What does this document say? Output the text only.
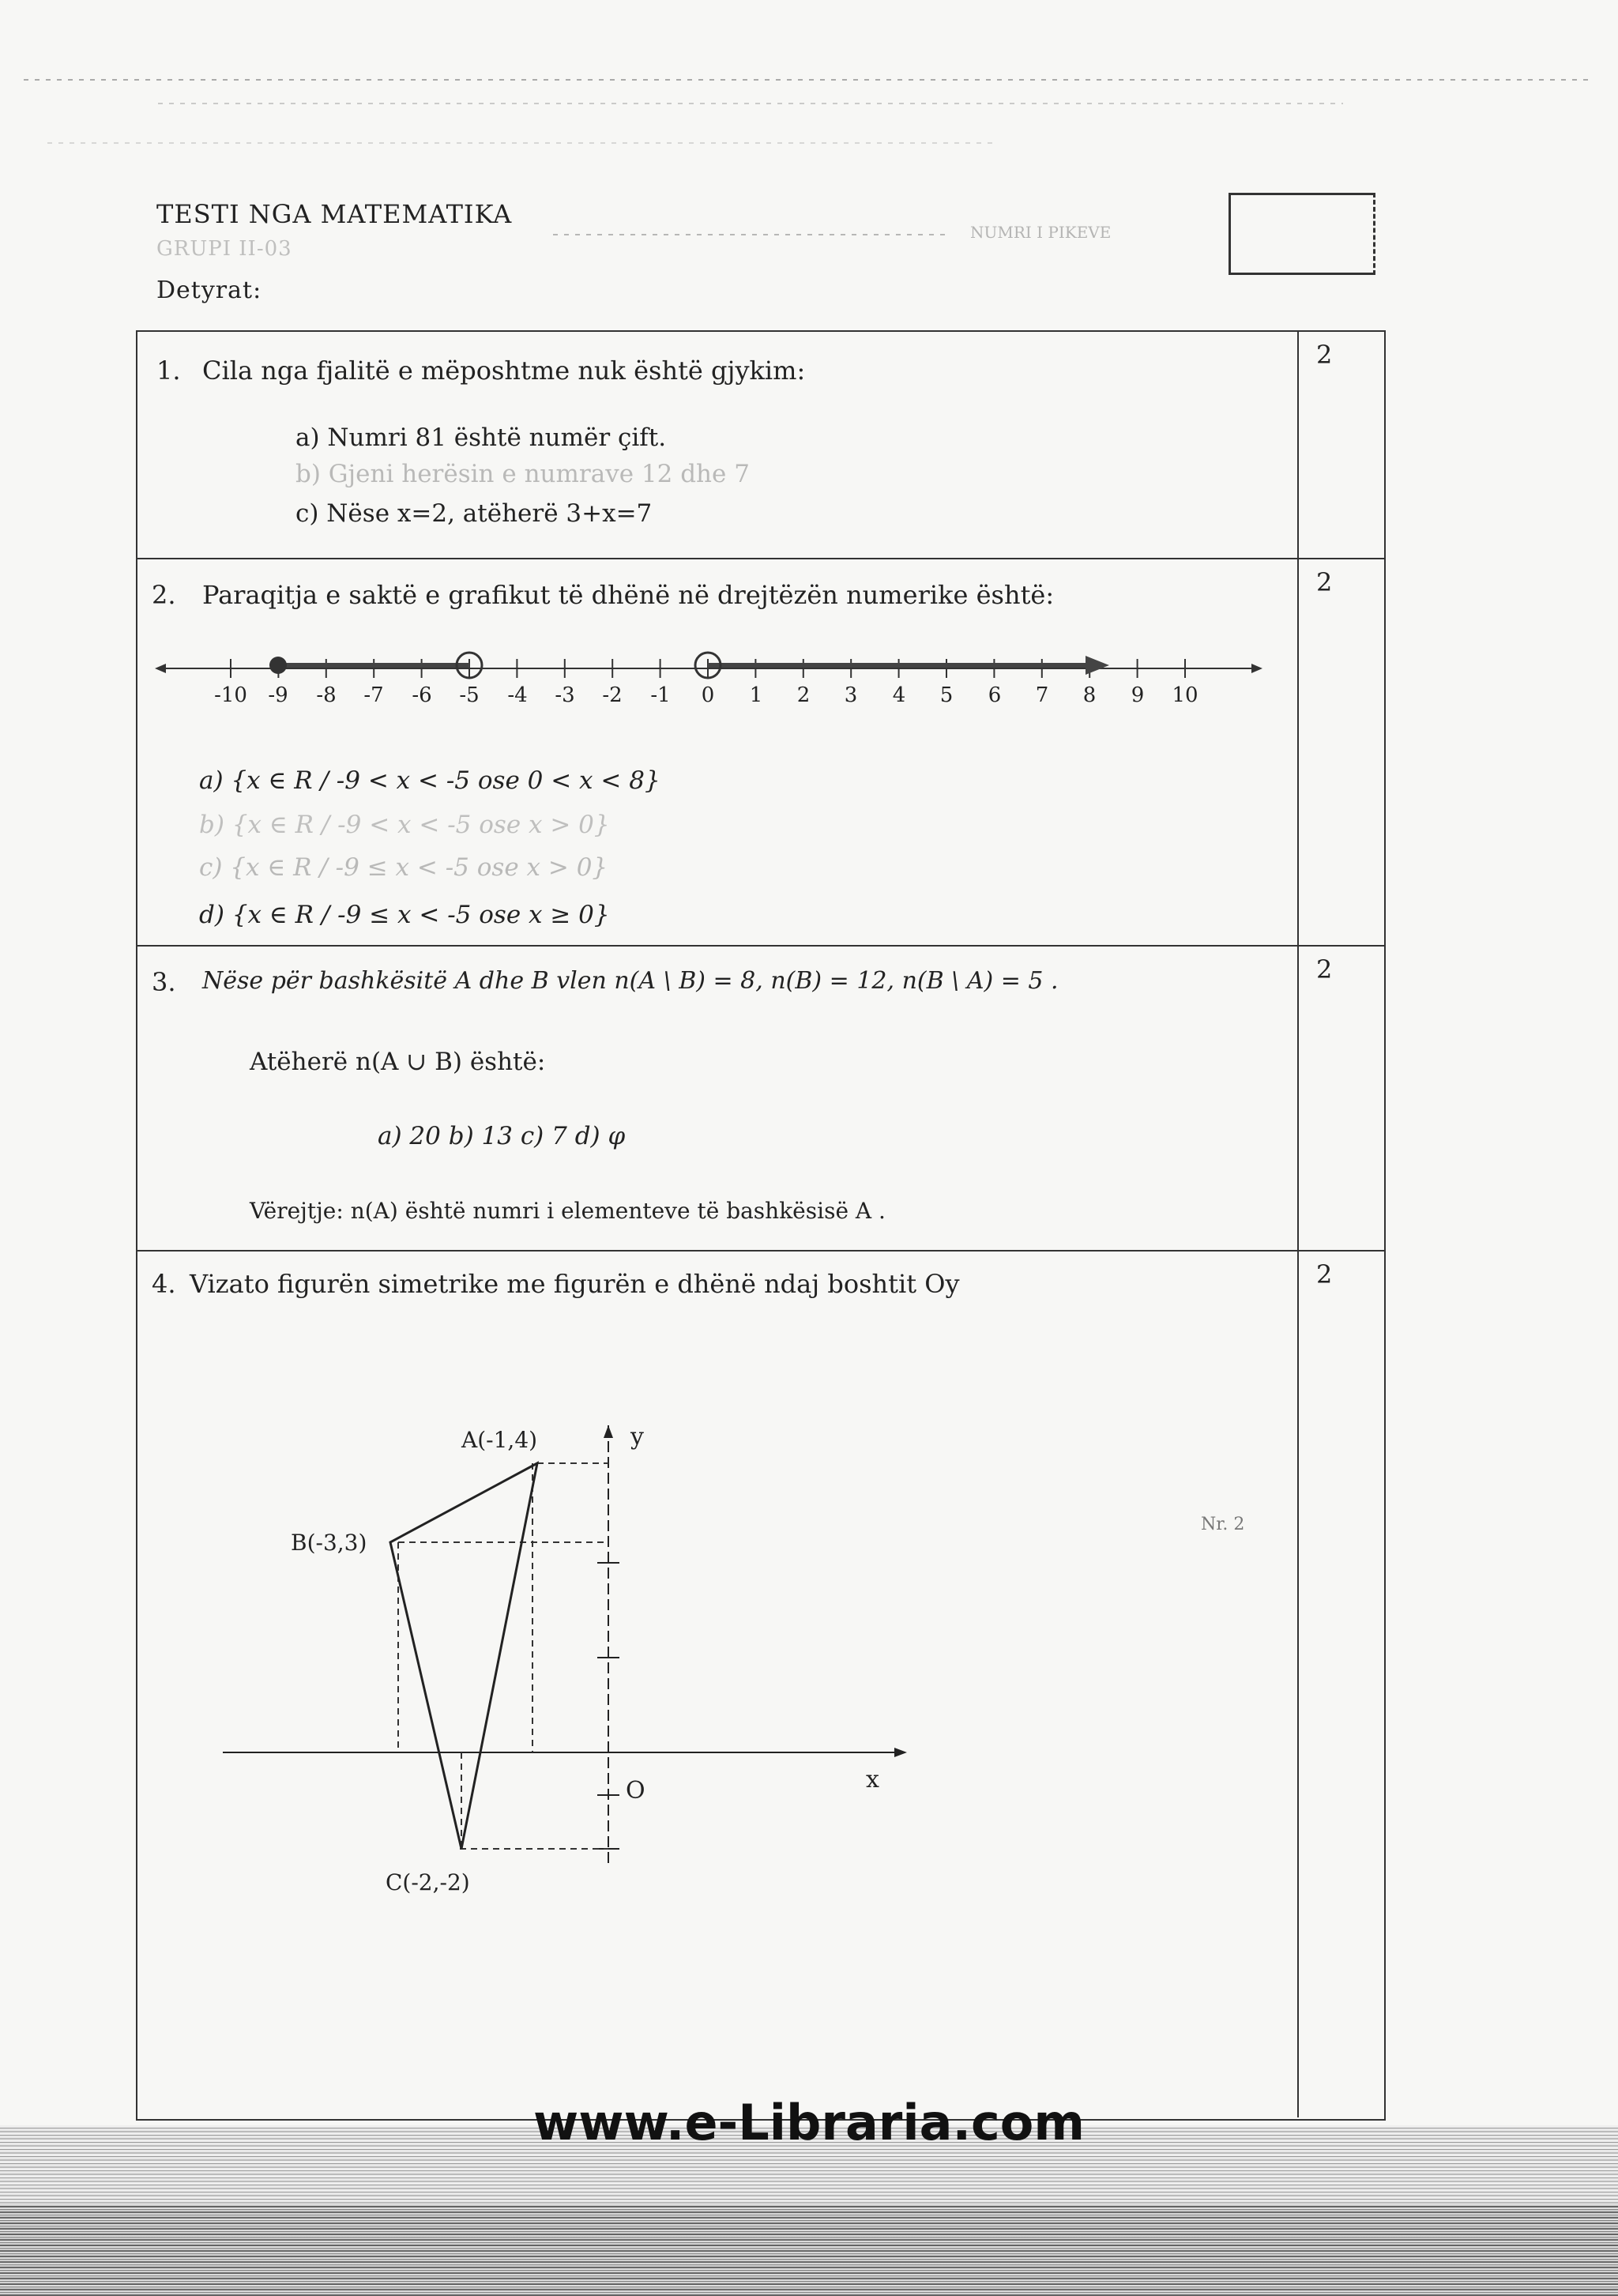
TESTI NGA MATEMATIKA
GRUPI II-03
Detyrat:
NUMRI I PIKEVE
1. Cila nga fjalitë e mëposhtme nuk është gjykim:
a) Numri 81 është numër çift.
b) Gjeni herësin e numrave 12 dhe 7
c) Nëse x=2, atëherë 3+x=7
2
2. Paraqitja e saktë e grafikut të dhënë në drejtëzën numerike është:
-10 -9 -8 -7 -6 -5 -4 -3 -2 -1 0 1 2 3 4 5 6 7 8 9 10
a) {x ∈ R / -9 < x < -5 ose 0 < x < 8}
b) {x ∈ R / -9 < x < -5 ose x > 0}
c) {x ∈ R / -9 ≤ x < -5 ose x > 0}
d) {x ∈ R / -9 ≤ x < -5 ose x ≥ 0}
2
3. Nëse për bashkësitë A dhe B vlen n(A \ B) = 8, n(B) = 12, n(B \ A) = 5 .
Atëherë n(A ∪ B) është:
a) 20 b) 13 c) 7 d) φ
Vërejtje: n(A) është numri i elementeve të bashkësisë A .
2
4. Vizato figurën simetrike me figurën e dhënë ndaj boshtit Oy
y
x
O
A(-1,4)
B(-3,3)
C(-2,-2)
Nr. 2
2
www.e-Libraria.com
